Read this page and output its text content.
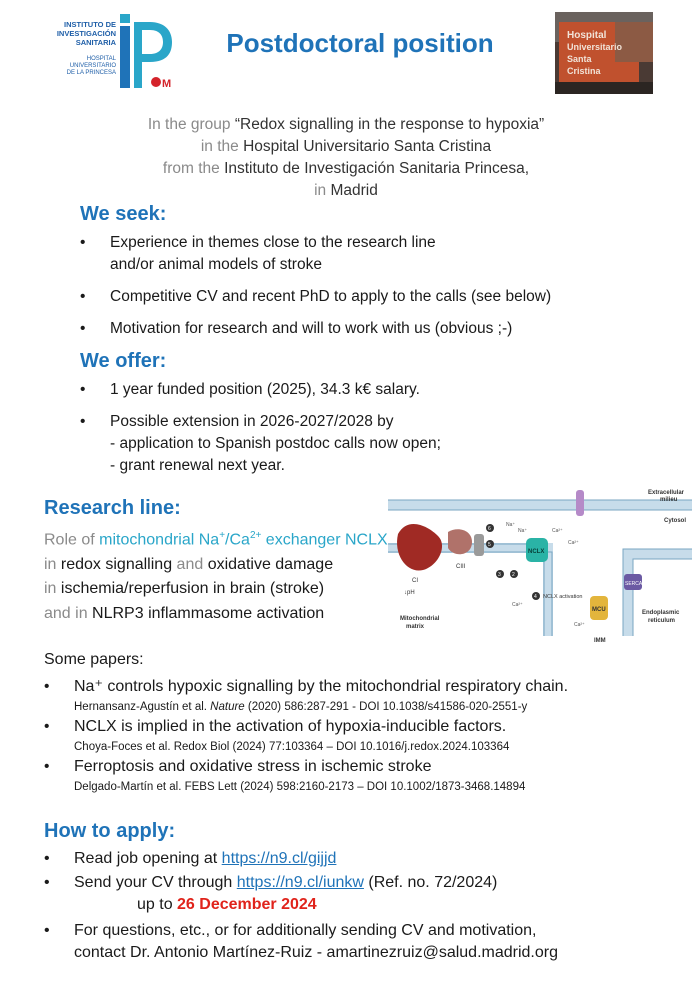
INSTITUTO DE
INVESTIGACIÓN
SANITARIA
HOSPITAL
UNIVERSITARIO
DE LA PRINCESA
M
Postdoctoral position	Hospital
Universitario
Santa
Cristina
In the group “Redox signalling in the response to hypoxia”
in the Hospital Universitario Santa Cristina
from the Instituto de Investigación Sanitaria Princesa,
in Madrid
We seek:
• Experience in themes close to the research line
and/or animal models of stroke
• Competitive CV and recent PhD to apply to the calls (see below)
• Motivation for research and will to work with us (obvious ;-)
We offer:
• 1 year funded position (2025), 34.3 k€ salary.
• Possible extension in 2026-2027/2028 by
- application to Spanish postdoc calls now open;
- grant renewal next year.
Research line:
Role of mitochondrial $Na^+/Ca^{2+}$ exchanger NCLX
in redox signalling and oxidative damage
in ischemia/reperfusion in brain (stroke)
and in NLRP3 inflammasome activation
Extracellular
milieu
Cytosol
CI
CIII
↓pH
NCLX
4 NCLX activation
MCU
SERCA
6
5
3 2
Na⁺
Na⁺	Ca²⁺
Ca²⁺
Ca²⁺
Ca²⁺
Mitochondrial
matrix
IMM
Endoplasmic
reticulum
Some papers:
• Na⁺ controls hypoxic signalling by the mitochondrial respiratory chain.
Hernansanz-Agustín et al. Nature (2020) 586:287-291 - DOI 10.1038/s41586-020-2551-y
• NCLX is implied in the activation of hypoxia-inducible factors.
Choya-Foces et al. Redox Biol (2024) 77:103364 – DOI 10.1016/j.redox.2024.103364
• Ferroptosis and oxidative stress in ischemic stroke
Delgado-Martín et al. FEBS Lett (2024) 598:2160-2173 – DOI 10.1002/1873-3468.14894
How to apply:
• Read job opening at https://n9.cl/gijjd
• Send your CV through https://n9.cl/iunkw (Ref. no. 72/2024)
up to 26 December 2024
• For questions, etc., or for additionally sending CV and motivation,
contact Dr. Antonio Martínez-Ruiz - amartinezruiz@salud.madrid.org
